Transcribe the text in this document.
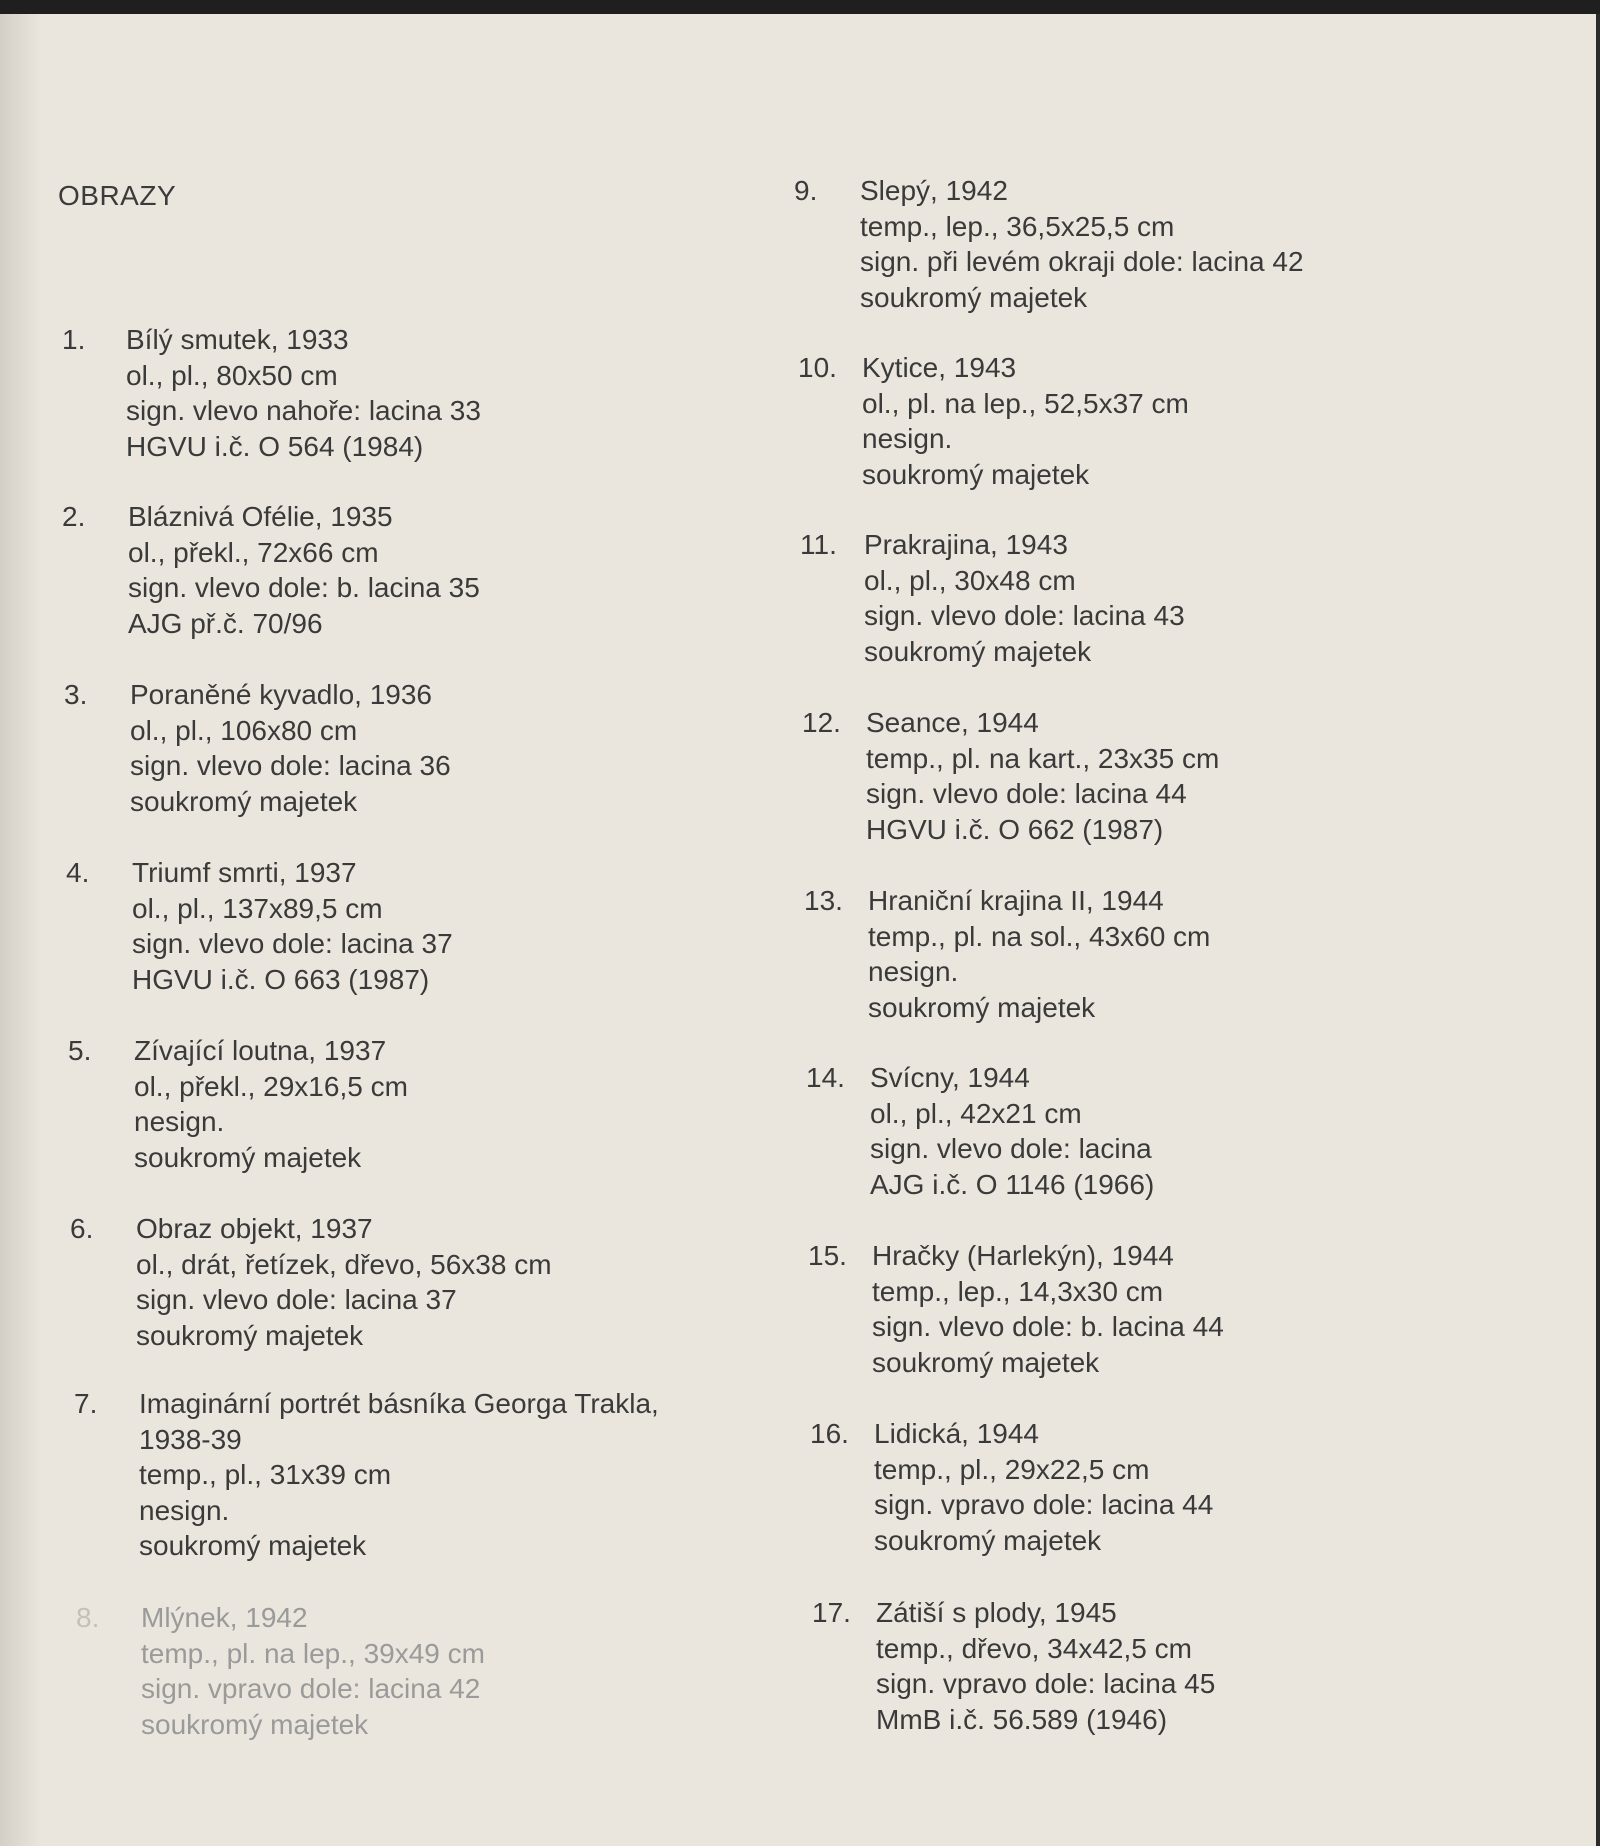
OBRAZY
1. Bílý smutek, 1933
ol., pl., 80x50 cm
sign. vlevo nahoře: lacina 33
HGVU i.č. O 564 (1984)
2. Bláznivá Ofélie, 1935
ol., překl., 72x66 cm
sign. vlevo dole: b. lacina 35
AJG př.č. 70/96
3. Poraněné kyvadlo, 1936
ol., pl., 106x80 cm
sign. vlevo dole: lacina 36
soukromý majetek
4. Triumf smrti, 1937
ol., pl., 137x89,5 cm
sign. vlevo dole: lacina 37
HGVU i.č. O 663 (1987)
5. Zívající loutna, 1937
ol., překl., 29x16,5 cm
nesign.
soukromý majetek
6. Obraz objekt, 1937
ol., drát, řetízek, dřevo, 56x38 cm
sign. vlevo dole: lacina 37
soukromý majetek
7. Imaginární portrét básníka Georga Trakla,
1938-39
temp., pl., 31x39 cm
nesign.
soukromý majetek
8. Mlýnek, 1942
temp., pl. na lep., 39x49 cm
sign. vpravo dole: lacina 42
soukromý majetek
9. Slepý, 1942
temp., lep., 36,5x25,5 cm
sign. při levém okraji dole: lacina 42
soukromý majetek
10. Kytice, 1943
ol., pl. na lep., 52,5x37 cm
nesign.
soukromý majetek
11. Prakrajina, 1943
ol., pl., 30x48 cm
sign. vlevo dole: lacina 43
soukromý majetek
12. Seance, 1944
temp., pl. na kart., 23x35 cm
sign. vlevo dole: lacina 44
HGVU i.č. O 662 (1987)
13. Hraniční krajina II, 1944
temp., pl. na sol., 43x60 cm
nesign.
soukromý majetek
14. Svícny, 1944
ol., pl., 42x21 cm
sign. vlevo dole: lacina
AJG i.č. O 1146 (1966)
15. Hračky (Harlekýn), 1944
temp., lep., 14,3x30 cm
sign. vlevo dole: b. lacina 44
soukromý majetek
16. Lidická, 1944
temp., pl., 29x22,5 cm
sign. vpravo dole: lacina 44
soukromý majetek
17. Zátiší s plody, 1945
temp., dřevo, 34x42,5 cm
sign. vpravo dole: lacina 45
MmB i.č. 56.589 (1946)
